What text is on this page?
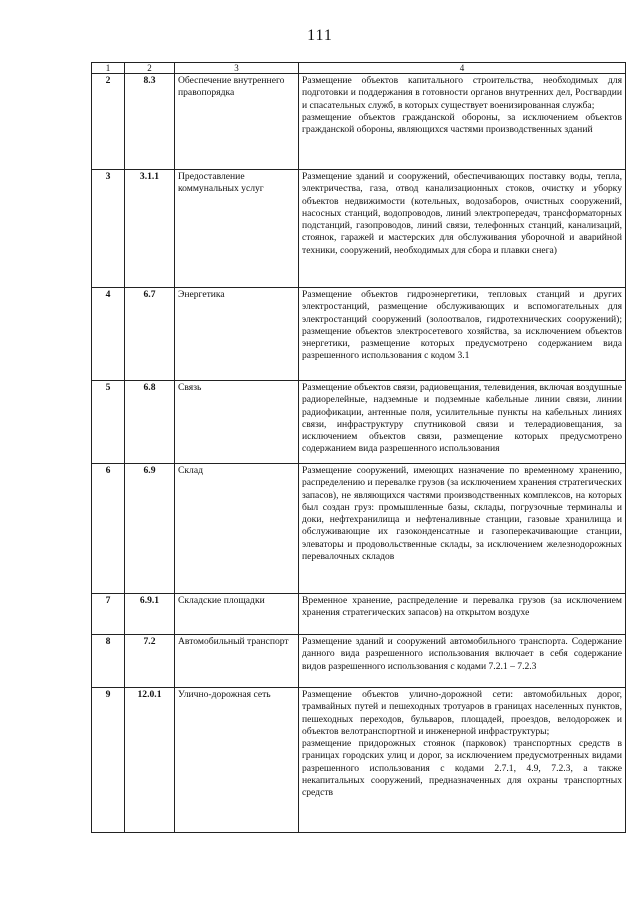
111
1	2	3	4
2	8.3	Обеспечение внутреннего правопорядка	Размещение объектов капитального строительства, необходимых для подготовки и поддержания в готовности органов внутренних дел, Росгвардии и спасательных служб, в которых существует военизированная служба;

размещение объектов гражданской обороны, за исключением объектов гражданской обороны, являющихся частями производственных зданий

3	3.1.1	Предоставление коммунальных услуг	Размещение зданий и сооружений, обеспечивающих поставку воды, тепла, электричества, газа, отвод канализационных стоков, очистку и уборку объектов недвижимости (котельных, водозаборов, очистных сооружений, насосных станций, водопроводов, линий электропередач, трансформаторных подстанций, газопроводов, линий связи, телефонных станций, канализаций, стоянок, гаражей и мастерских для обслуживания уборочной и аварийной техники, сооружений, необходимых для сбора и плавки снега)

4	6.7	Энергетика	Размещение объектов гидроэнергетики, тепловых станций и других электростанций, размещение обслуживающих и вспомогательных для электростанций сооружений (золоотвалов, гидротехнических сооружений); размещение объектов электросетевого хозяйства, за исключением объектов энергетики, размещение которых предусмотрено содержанием вида разрешенного использования с кодом 3.1

5	6.8	Связь	Размещение объектов связи, радиовещания, телевидения, включая воздушные радиорелейные, надземные и подземные кабельные линии связи, линии радиофикации, антенные поля, усилительные пункты на кабельных линиях связи, инфраструктуру спутниковой связи и телерадиовещания, за исключением объектов связи, размещение которых предусмотрено содержанием вида разрешенного использования

6	6.9	Склад	Размещение сооружений, имеющих назначение по временному хранению, распределению и перевалке грузов (за исключением хранения стратегических запасов), не являющихся частями производственных комплексов, на которых был создан груз: промышленные базы, склады, погрузочные терминалы и доки, нефтехранилища и нефтеналивные станции, газовые хранилища и обслуживающие их газоконденсатные и газоперекачивающие станции, элеваторы и продовольственные склады, за исключением железнодорожных перевалочных складов

7	6.9.1	Складские площадки	Временное хранение, распределение и перевалка грузов (за исключением хранения стратегических запасов) на открытом воздухе

8	7.2	Автомобильный транспорт	Размещение зданий и сооружений автомобильного транспорта. Содержание данного вида разрешенного использования включает в себя содержание видов разрешенного использования с кодами 7.2.1 – 7.2.3

9	12.0.1	Улично-дорожная сеть	Размещение объектов улично-дорожной сети: автомобильных дорог, трамвайных путей и пешеходных тротуаров в границах населенных пунктов, пешеходных переходов, бульваров, площадей, проездов, велодорожек и объектов велотранспортной и инженерной инфраструктуры;

размещение придорожных стоянок (парковок) транспортных средств в границах городских улиц и дорог, за исключением предусмотренных видами разрешенного использования с кодами 2.7.1, 4.9, 7.2.3, а также некапитальных сооружений, предназначенных для охраны транспортных средств
